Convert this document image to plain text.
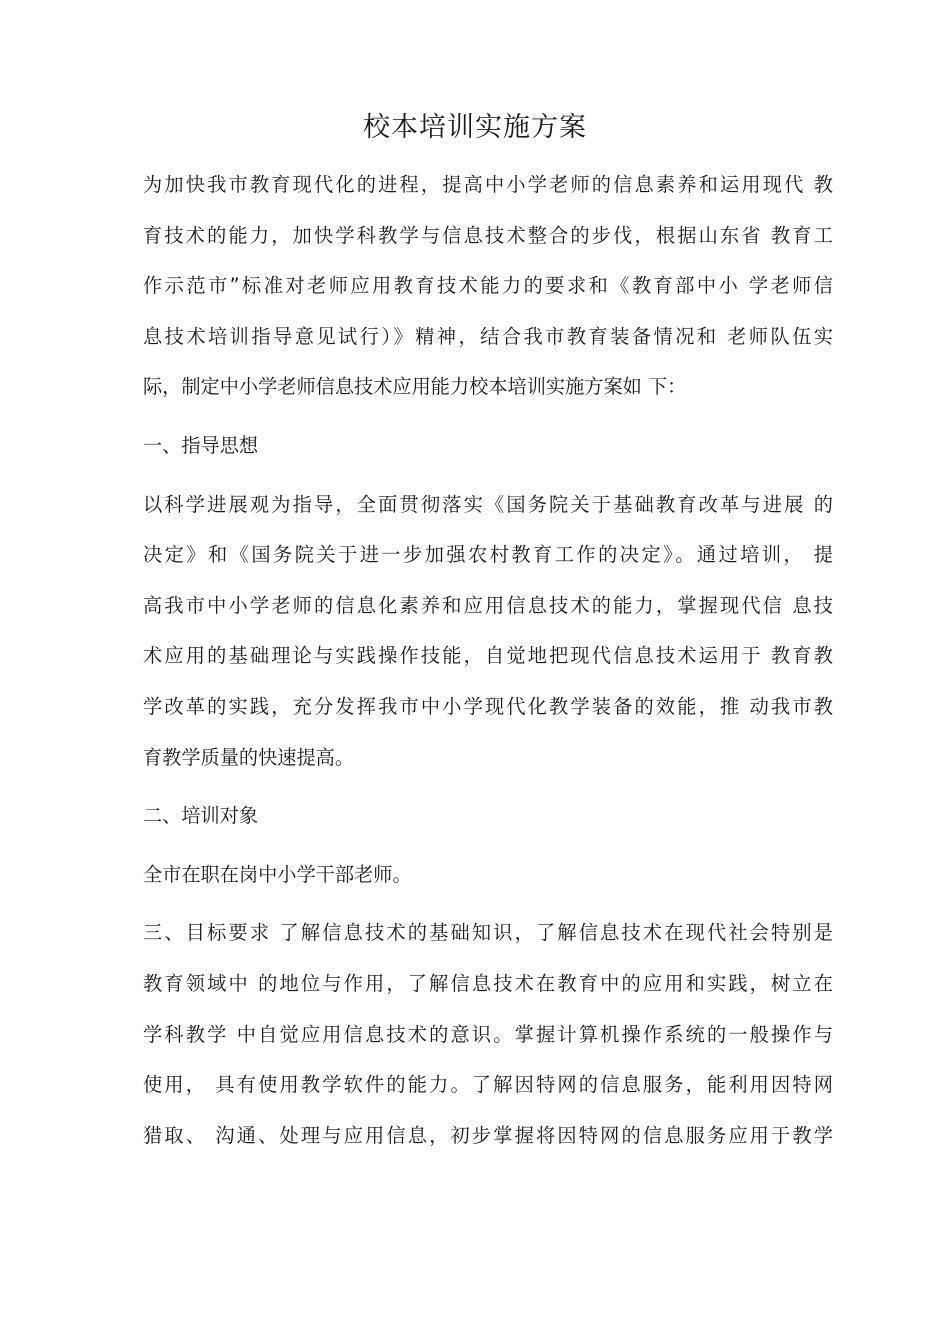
校本培训实施方案
为加快我市教育现代化的进程，提高中小学老师的信息素养和运用现代 教
育技术的能力，加快学科教学与信息技术整合的步伐，根据山东省 教育工
作示范市”标准对老师应用教育技术能力的要求和《教育部中小 学老师信
息技术培训指导意见试行）》精神，结合我市教育装备情况和 老师队伍实
际，制定中小学老师信息技术应用能力校本培训实施方案如 下：
一、指导思想
以科学进展观为指导，全面贯彻落实《国务院关于基础教育改革与进展 的
决定》和《国务院关于进一步加强农村教育工作的决定》。通过培训， 提
高我市中小学老师的信息化素养和应用信息技术的能力，掌握现代信 息技
术应用的基础理论与实践操作技能，自觉地把现代信息技术运用于 教育教
学改革的实践，充分发挥我市中小学现代化教学装备的效能，推 动我市教
育教学质量的快速提高。
二、培训对象
全市在职在岗中小学干部老师。
三、目标要求 了解信息技术的基础知识，了解信息技术在现代社会特别是
教育领域中 的地位与作用，了解信息技术在教育中的应用和实践，树立在
学科教学 中自觉应用信息技术的意识。掌握计算机操作系统的一般操作与
使用， 具有使用教学软件的能力。了解因特网的信息服务，能利用因特网
猎取、 沟通、处理与应用信息，初步掌握将因特网的信息服务应用于教学
